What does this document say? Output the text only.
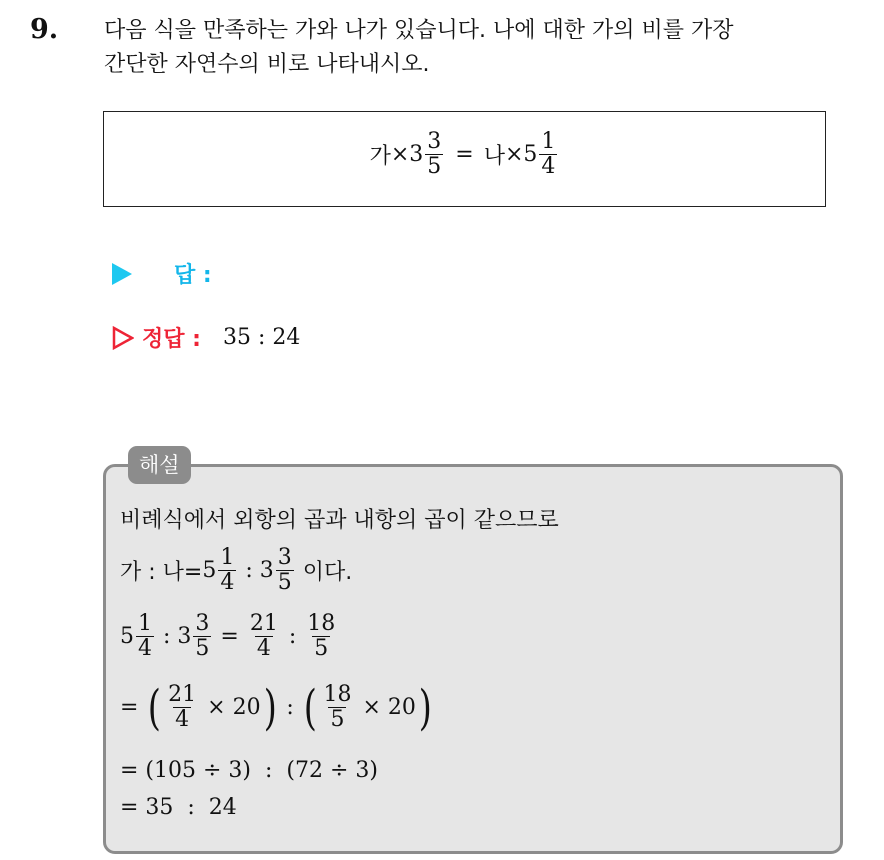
9. 다음 식을 만족하는 가와 나가 있습니다. 나에 대한 가의 비를 가장
간단한 자연수의 비로 나타내시오.
가 × $3 \frac{3}{5}$ = 나 × $5 \frac{1}{4}$
답 :
정답 : 35 : 24
해설
비례식에서 외항의 곱과 내항의 곱이 같으므로
가 : 나= $5 \frac{1}{4}$ : $3 \frac{3}{5}$ 이다.
$5 \frac{1}{4}$ : $3 \frac{3}{5} = \frac{21}{4}$ : $\frac{18}{5}$
= ( $\frac{21}{4} \times 20$ ) : ( $\frac{18}{5} \times 20$ )
= (105 ÷ 3)  :  (72 ÷ 3)
= 35  :  24
